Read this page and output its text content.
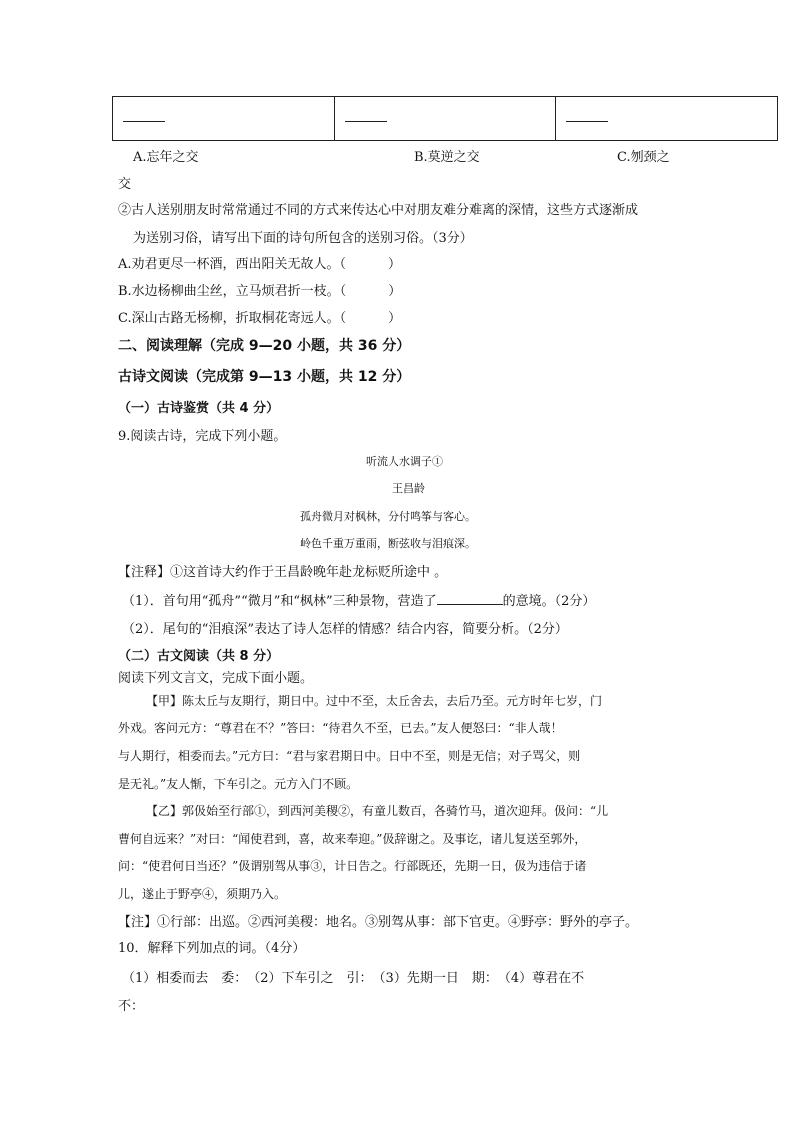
A.忘年之交	B.莫逆之交	C.刎颈之
交
②古人送别朋友时常常通过不同的方式来传达心中对朋友难分难离的深情，这些方式逐渐成
为送别习俗，请写出下面的诗句所包含的送别习俗。（3分）
A.劝君更尽一杯酒，西出阳关无故人。（	）
B.水边杨柳曲尘丝，立马烦君折一枝。（	）
C.深山古路无杨柳，折取桐花寄远人。（	）
二、阅读理解（完成 9—20 小题，共 36 分）
古诗文阅读（完成第 9—13 小题，共 12 分）
（一）古诗鉴赏（共 4 分）
9.阅读古诗，完成下列小题。
听流人水调子①
王昌龄
孤舟微月对枫林，分付鸣筝与客心。
岭色千重万重雨，断弦收与泪痕深。
【注释】①这首诗大约作于王昌龄晚年赴龙标贬所途中 。
（1）．首句用“孤舟”“微月”和“枫林”三种景物，营造了	的意境。（2分）
（2）．尾句的“泪痕深”表达了诗人怎样的情感？结合内容，简要分析。（2分）
（二）古文阅读（共 8 分）
阅读下列文言文，完成下面小题。
【甲】陈太丘与友期行，期日中。过中不至，太丘舍去，去后乃至。元方时年七岁，门
外戏。客问元方：“尊君在不？”答曰：“待君久不至，已去。”友人便怒曰：“非人哉！
与人期行，相委而去。”元方曰：“君与家君期日中。日中不至，则是无信；对子骂父，则
是无礼。”友人惭，下车引之。元方入门不顾。
【乙】郭伋始至行部①，到西河美稷②，有童儿数百，各骑竹马，道次迎拜。伋问：“儿
曹何自远来？”对曰：“闻使君到，喜，故来奉迎。”伋辞谢之。及事讫，诸儿复送至郭外，
问：“使君何日当还？”伋谓别驾从事③，计日告之。行部既还，先期一日，伋为违信于诸
儿，遂止于野亭④，须期乃入。
【注】①行部：出巡。②西河美稷：地名。③别驾从事：部下官吏。④野亭：野外的亭子。
10．解释下列加点的词。（4分）
（1）相委而去　委：　（2）下车引之　引：　（3）先期一日　期：　（4）尊君在不
不：
